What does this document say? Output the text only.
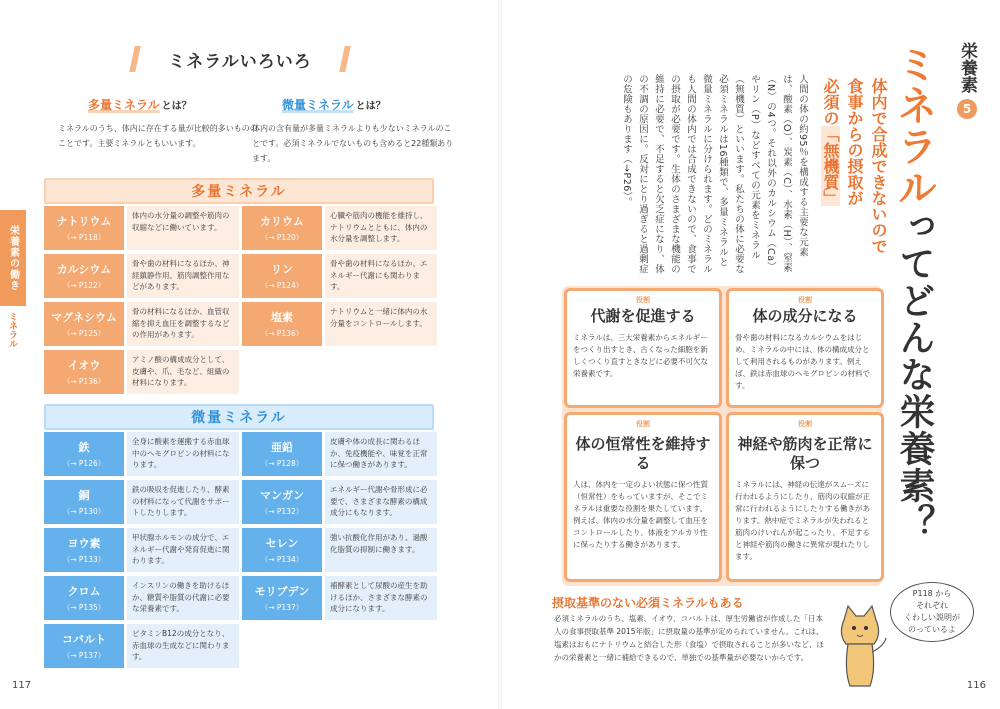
ミネラルいろいろ
多量ミネラル とは？
ミネラルのうち、体内に存在する量が比較的多いもののことです。主要ミネラルともいいます。
微量ミネラル とは？
体内の含有量が多量ミネラルよりも少ないミネラルのことです。必須ミネラルでないものも含めると22種類あります。
栄養素の働き
ミネラル
多量ミネラル
ナトリウム
（→ P118）
体内の水分量の調整や筋肉の収縮などに働いています。	カリウム
（→ P120）
心臓や筋肉の機能を維持し、ナトリウムとともに、体内の水分量を調整します。
カルシウム
（→ P122）
骨や歯の材料になるほか、神経鎮静作用、筋肉調整作用などがあります。
リン
（→ P124）
骨や歯の材料になるほか、エネルギー代謝にも関わります。
マグネシウム
（→ P125）
骨の材料になるほか、血管収縮を抑え血圧を調整するなどの作用があります。
塩素
（→ P136）
ナトリウムと一緒に体内の水分量をコントロールします。
イオウ
（→ P136）
アミノ酸の構成成分として、皮膚や、爪、毛など、組織の材料になります。
微量ミネラル
鉄
（→ P126）
全身に酸素を運搬する赤血球中のヘモグロビンの材料になります。
亜鉛
（→ P128）
皮膚や体の成長に関わるほか、免疫機能や、味覚を正常に保つ働きがあります。
銅
（→ P130）
鉄の吸収を促進したり、酵素の材料になって代謝をサポートしたりします。
マンガン
（→ P132）
エネルギー代謝や骨形成に必要で、さまざまな酵素の構成成分にもなります。
ヨウ素
（→ P133）
甲状腺ホルモンの成分で、エネルギー代謝や発育促進に関わります。
セレン
（→ P134）
強い抗酸化作用があり、過酸化脂質の抑制に働きます。
クロム
（→ P135）
インスリンの働きを助けるほか、糖質や脂質の代謝に必要な栄養素です。
モリブデン
（→ P137）
補酵素として尿酸の産生を助けるほか、さまざまな酵素の成分になります。
コバルト
（→ P137）
ビタミンB12の成分となり、赤血球の生成などに関わります。
117
栄養素
5
ミネラルってどんな栄養素？
体内で合成できないので
食事からの摂取が
必須の「無機質」
人間の体の約95％を構成する主要な元素は、酸素（O）、炭素（C）、水素（H）、窒素（N）の4つ。それ以外のカルシウム（Ca）やリン（P）などすべての元素をミネラル（無機質）といいます。私たちの体に必要な必須ミネラルは16種類で、多量ミネラルと微量ミネラルに分けられます。どのミネラルも人間の体内では合成できないので、食事での摂取が必要です。生体のさまざまな機能の維持に必要で、不足すると欠乏症になり、体の不調の原因に。反対にとり過ぎると過剰症の危険もあります（→P26）。
役割
代謝を促進する
ミネラルは、三大栄養素からエネルギーをつくり出すとき、古くなった細胞を新しくつくり直すときなどに必要不可欠な栄養素です。
役割
体の成分になる
骨や歯の材料になるカルシウムをはじめ、ミネラルの中には、体の構成成分として利用されるものがあります。例えば、鉄は赤血球のヘモグロビンの材料です。
役割
体の恒常性を維持する
人は、体内を一定のよい状態に保つ性質（恒常性）をもっていますが、そこでミネラルは重要な役割を果たしています。例えば、体内の水分量を調整して血圧をコントロールしたり、体液をアルカリ性に保ったりする働きがあります。
役割
神経や筋肉を正常に保つ
ミネラルには、神経の伝達がスムーズに行われるようにしたり、筋肉の収縮が正常に行われるようにしたりする働きがあります。熱中症でミネラルが失われると筋肉のけいれんが起こったり、不足すると神経や筋肉の働きに異常が現れたりします。
摂取基準のない必須ミネラルもある
必須ミネラルのうち、塩素、イオウ、コバルトは、厚生労働省が作成した「日本人の食事摂取基準 2015年版」に摂取量の基準が定められていません。これは、塩素はおもにナトリウムと結合した形（食塩）で摂取されることが多いなど、ほかの栄養素と一緒に補給できるので、単独での基準量が必要ないからです。
P118 から
それぞれ
くわしい説明が
のっているよ
116
